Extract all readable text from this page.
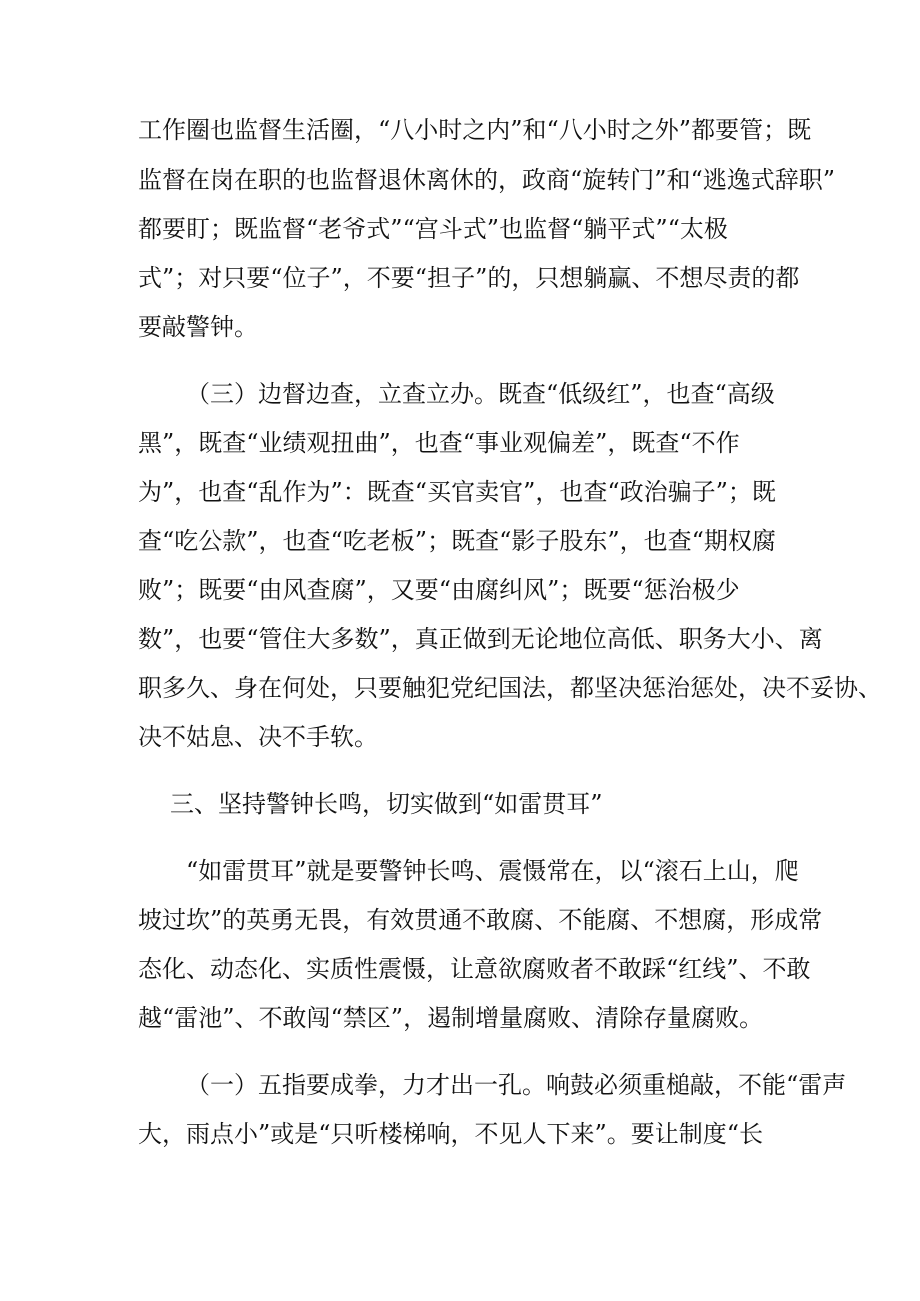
工作圈也监督生活圈，“八小时之内”和“八小时之外”都要管；既

监督在岗在职的也监督退休离休的，政商“旋转门”和“逃逸式辞职”

都要盯；既监督“老爷式”“宫斗式”也监督“躺平式”“太极

式”；对只要“位子”，不要“担子”的，只想躺赢、不想尽责的都

要敲警钟。

（三）边督边查，立查立办。既查“低级红”，也查“高级

黑”，既查“业绩观扭曲”，也查“事业观偏差”，既查“不作

为”，也查“乱作为”：既查“买官卖官”，也查“政治骗子”；既

查“吃公款”，也查“吃老板”；既查“影子股东”，也查“期权腐

败”；既要“由风查腐”，又要“由腐纠风”；既要“惩治极少

数”，也要“管住大多数”，真正做到无论地位高低、职务大小、离

职多久、身在何处，只要触犯党纪国法，都坚决惩治惩处，决不妥协、

决不姑息、决不手软。

三、坚持警钟长鸣，切实做到“如雷贯耳”

“如雷贯耳”就是要警钟长鸣、震慑常在，以“滚石上山，爬

坡过坎”的英勇无畏，有效贯通不敢腐、不能腐、不想腐，形成常

态化、动态化、实质性震慑，让意欲腐败者不敢踩“红线”、不敢

越“雷池”、不敢闯“禁区”，遏制增量腐败、清除存量腐败。

（一）五指要成拳，力才出一孔。响鼓必须重槌敲，不能“雷声

大，雨点小”或是“只听楼梯响，不见人下来”。要让制度“长
